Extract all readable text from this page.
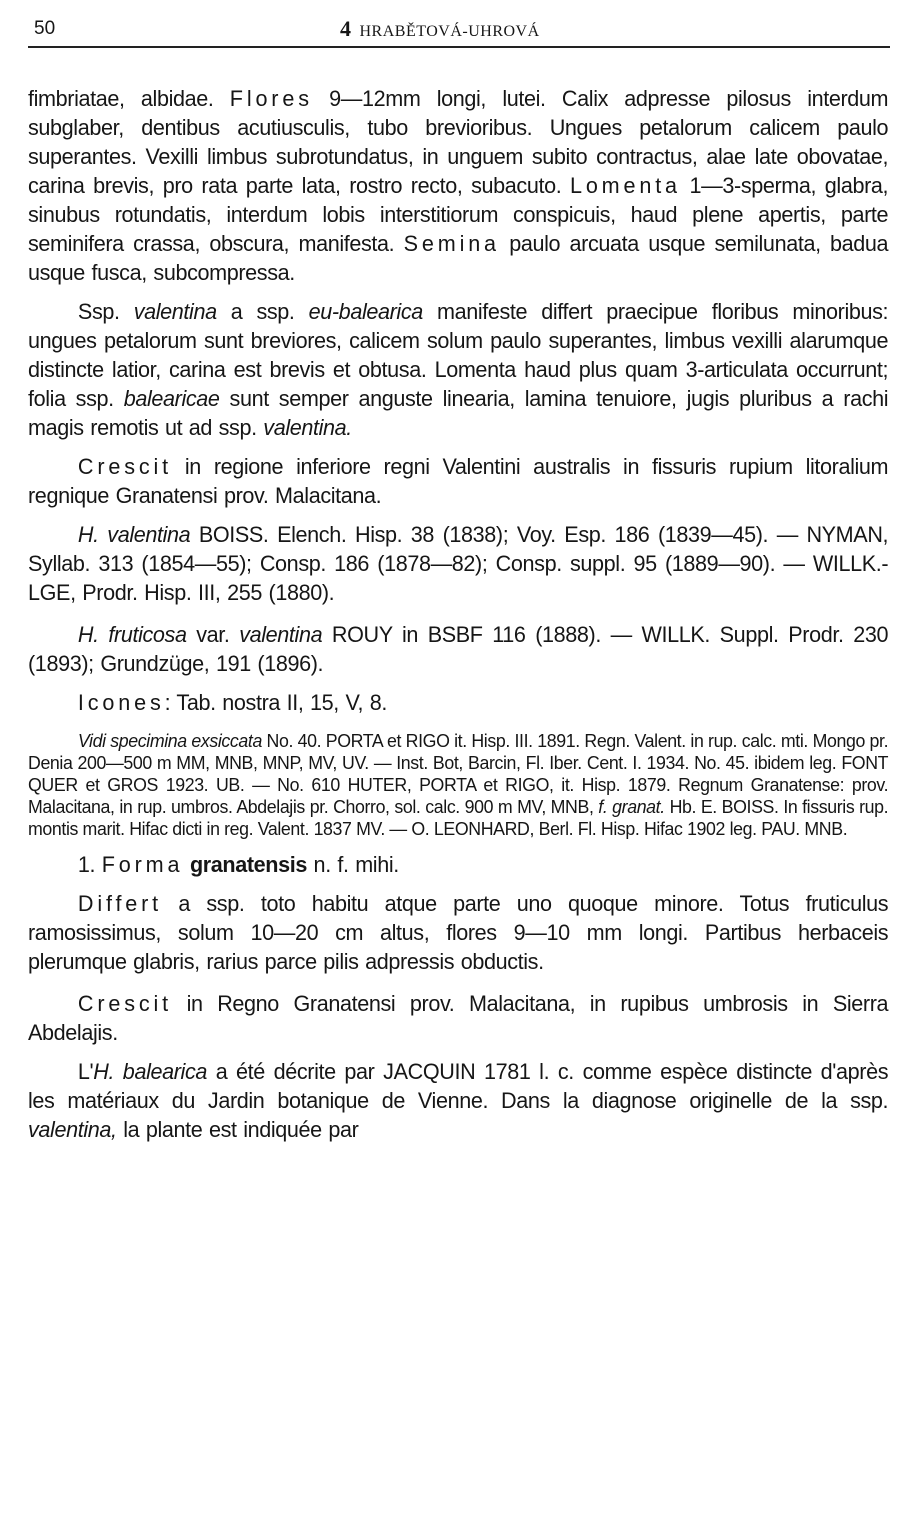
50	4 HRABĚTOVÁ-UHROVÁ

fimbriatae, albidae. Flores 9—12mm longi, lutei. Calix adpresse pilosus interdum subglaber, dentibus acutiusculis, tubo brevioribus. Ungues petalorum calicem paulo superantes. Vexilli limbus subrotundatus, in unguem subito contractus, alae late obovatae, carina brevis, pro rata parte lata, rostro recto, subacuto. Lomenta 1—3-sperma, glabra, sinubus rotundatis, interdum lobis interstitiorum conspicuis, haud plene apertis, parte seminifera crassa, obscura, manifesta. Semina paulo arcuata usque semilunata, badua usque fusca, subcompressa.

Ssp. valentina a ssp. eu-balearica manifeste differt praecipue floribus minoribus: ungues petalorum sunt breviores, calicem solum paulo superantes, limbus vexilli alarumque distincte latior, carina est brevis et obtusa. Lomenta haud plus quam 3-articulata occurrunt; folia ssp. balearicae sunt semper anguste linearia, lamina tenuiore, jugis pluribus a rachi magis remotis ut ad ssp. valentina.

Crescit in regione inferiore regni Valentini australis in fissuris rupium litoralium regnique Granatensi prov. Malacitana.

H. valentina BOISS. Elench. Hisp. 38 (1838); Voy. Esp. 186 (1839—45). — NYMAN, Syllab. 313 (1854—55); Consp. 186 (1878—82); Consp. suppl. 95 (1889—90). — WILLK.-LGE, Prodr. Hisp. III, 255 (1880).

H. fruticosa var. valentina ROUY in BSBF 116 (1888). — WILLK. Suppl. Prodr. 230 (1893); Grundzüge, 191 (1896).

Icones: Tab. nostra II, 15, V, 8.

Vidi specimina exsiccata No. 40. PORTA et RIGO it. Hisp. III. 1891. Regn. Valent. in rup. calc. mti. Mongo pr. Denia 200—500 m MM, MNB, MNP, MV, UV. — Inst. Bot, Barcin, Fl. Iber. Cent. I. 1934. No. 45. ibidem leg. FONT QUER et GROS 1923. UB. — No. 610 HUTER, PORTA et RIGO, it. Hisp. 1879. Regnum Granatense: prov. Malacitana, in rup. umbros. Abdelajis pr. Chorro, sol. calc. 900 m MV, MNB, f. granat. Hb. E. BOISS. In fissuris rup. montis marit. Hifac dicti in reg. Valent. 1837 MV. — O. LEONHARD, Berl. Fl. Hisp. Hifac 1902 leg. PAU. MNB.

1. Forma granatensis n. f. mihi.

Differt a ssp. toto habitu atque parte uno quoque minore. Totus fruticulus ramosissimus, solum 10—20 cm altus, flores 9—10 mm longi. Partibus herbaceis plerumque glabris, rarius parce pilis adpressis obductis.

Crescit in Regno Granatensi prov. Malacitana, in rupibus umbrosis in Sierra Abdelajis.

L'H. balearica a été décrite par JACQUIN 1781 l. c. comme espèce distincte d'après les matériaux du Jardin botanique de Vienne. Dans la diagnose originelle de la ssp. valentina, la plante est indiquée par
